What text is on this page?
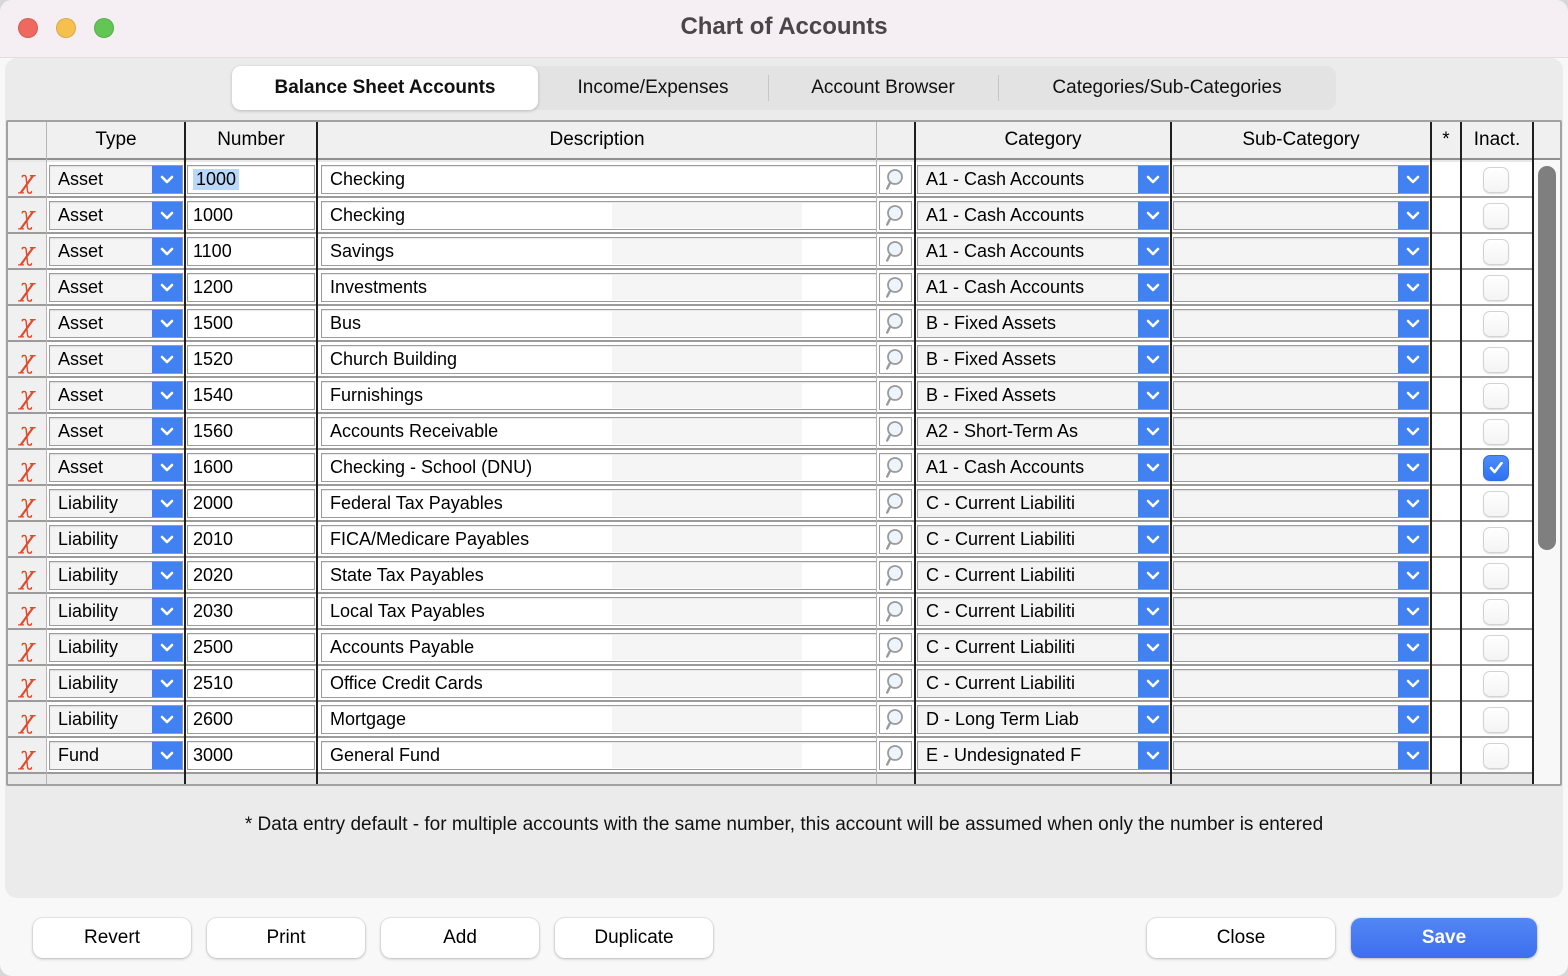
Chart of Accounts
Balance Sheet Accounts	Income/Expenses	Account Browser	Categories/Sub-Categories
Type	Number	Description	Category	Sub-Category	*	Inact.
χ Asset	1000	Checking	A1 - Cash Accounts
χ Asset	1000	Checking	A1 - Cash Accounts
χ Asset	1100	Savings	A1 - Cash Accounts
χ Asset	1200	Investments	A1 - Cash Accounts
χ Asset	1500	Bus	B - Fixed Assets
χ Asset	1520	Church Building	B - Fixed Assets
χ Asset	1540	Furnishings	B - Fixed Assets
χ Asset	1560	Accounts Receivable	A2 - Short-Term As
χ Asset	1600	Checking - School (DNU)	A1 - Cash Accounts
χ Liability	2000	Federal Tax Payables	C - Current Liabiliti
χ Liability	2010	FICA/Medicare Payables	C - Current Liabiliti
χ Liability	2020	State Tax Payables	C - Current Liabiliti
χ Liability	2030	Local Tax Payables	C - Current Liabiliti
χ Liability	2500	Accounts Payable	C - Current Liabiliti
χ Liability	2510	Office Credit Cards	C - Current Liabiliti
χ Liability	2600	Mortgage	D - Long Term Liab
χ Fund	3000	General Fund	E - Undesignated F
* Data entry default - for multiple accounts with the same number, this account will be assumed when only the number is entered
Revert	Print	Add	Duplicate	Close	Save
